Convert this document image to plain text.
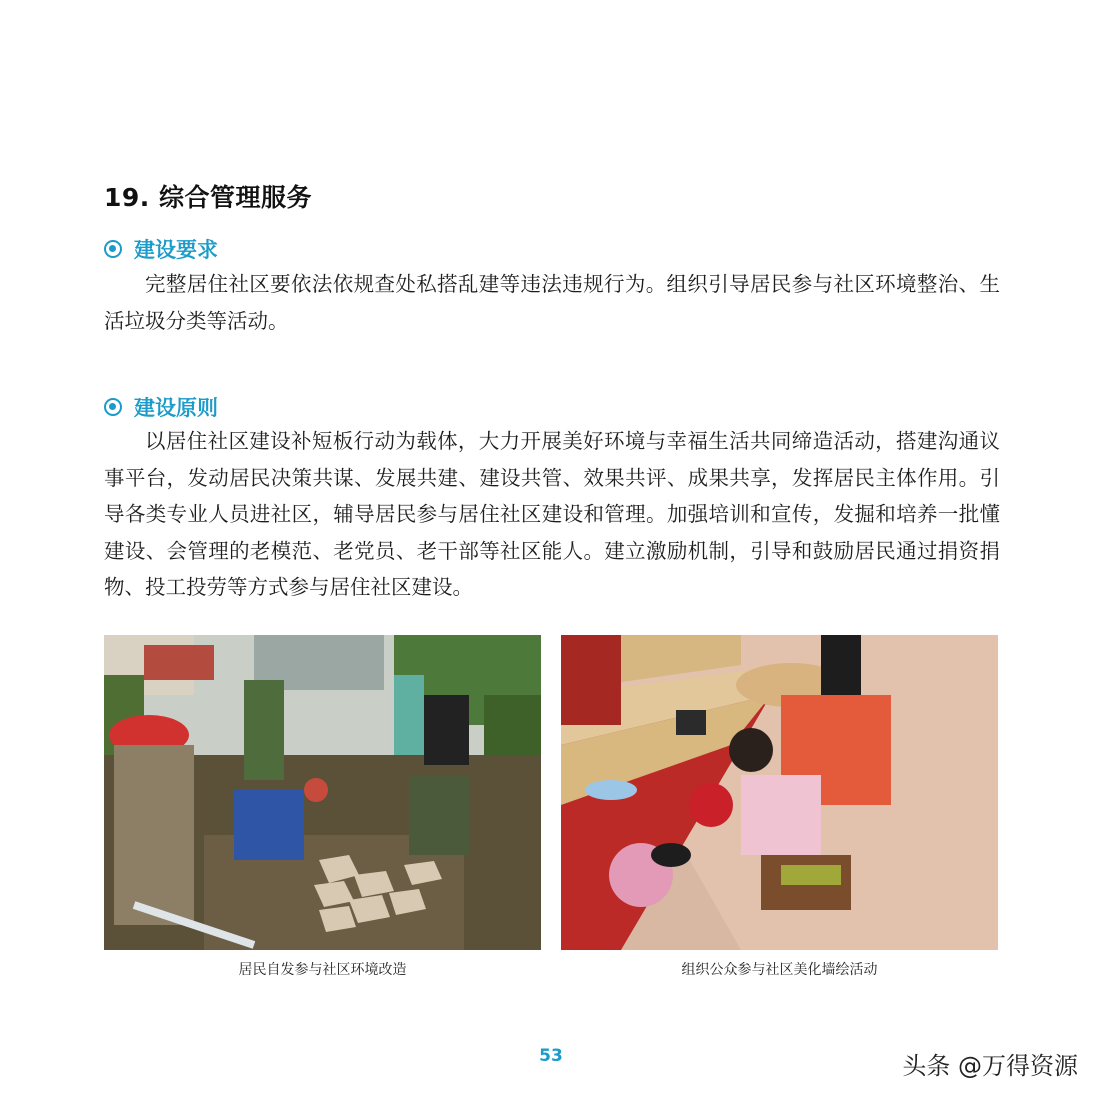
19. 综合管理服务
建设要求

完整居住社区要依法依规查处私搭乱建等违法违规行为。组织引导居民参与社区环境整治、生活垃圾分类等活动。

建设原则

以居住社区建设补短板行动为载体，大力开展美好环境与幸福生活共同缔造活动，搭建沟通议事平台，发动居民决策共谋、发展共建、建设共管、效果共评、成果共享，发挥居民主体作用。引导各类专业人员进社区，辅导居民参与居住社区建设和管理。加强培训和宣传，发掘和培养一批懂建设、会管理的老模范、老党员、老干部等社区能人。建立激励机制，引导和鼓励居民通过捐资捐物、投工投劳等方式参与居住社区建设。

居民自发参与社区环境改造	组织公众参与社区美化墙绘活动
53	头条 @万得资源
